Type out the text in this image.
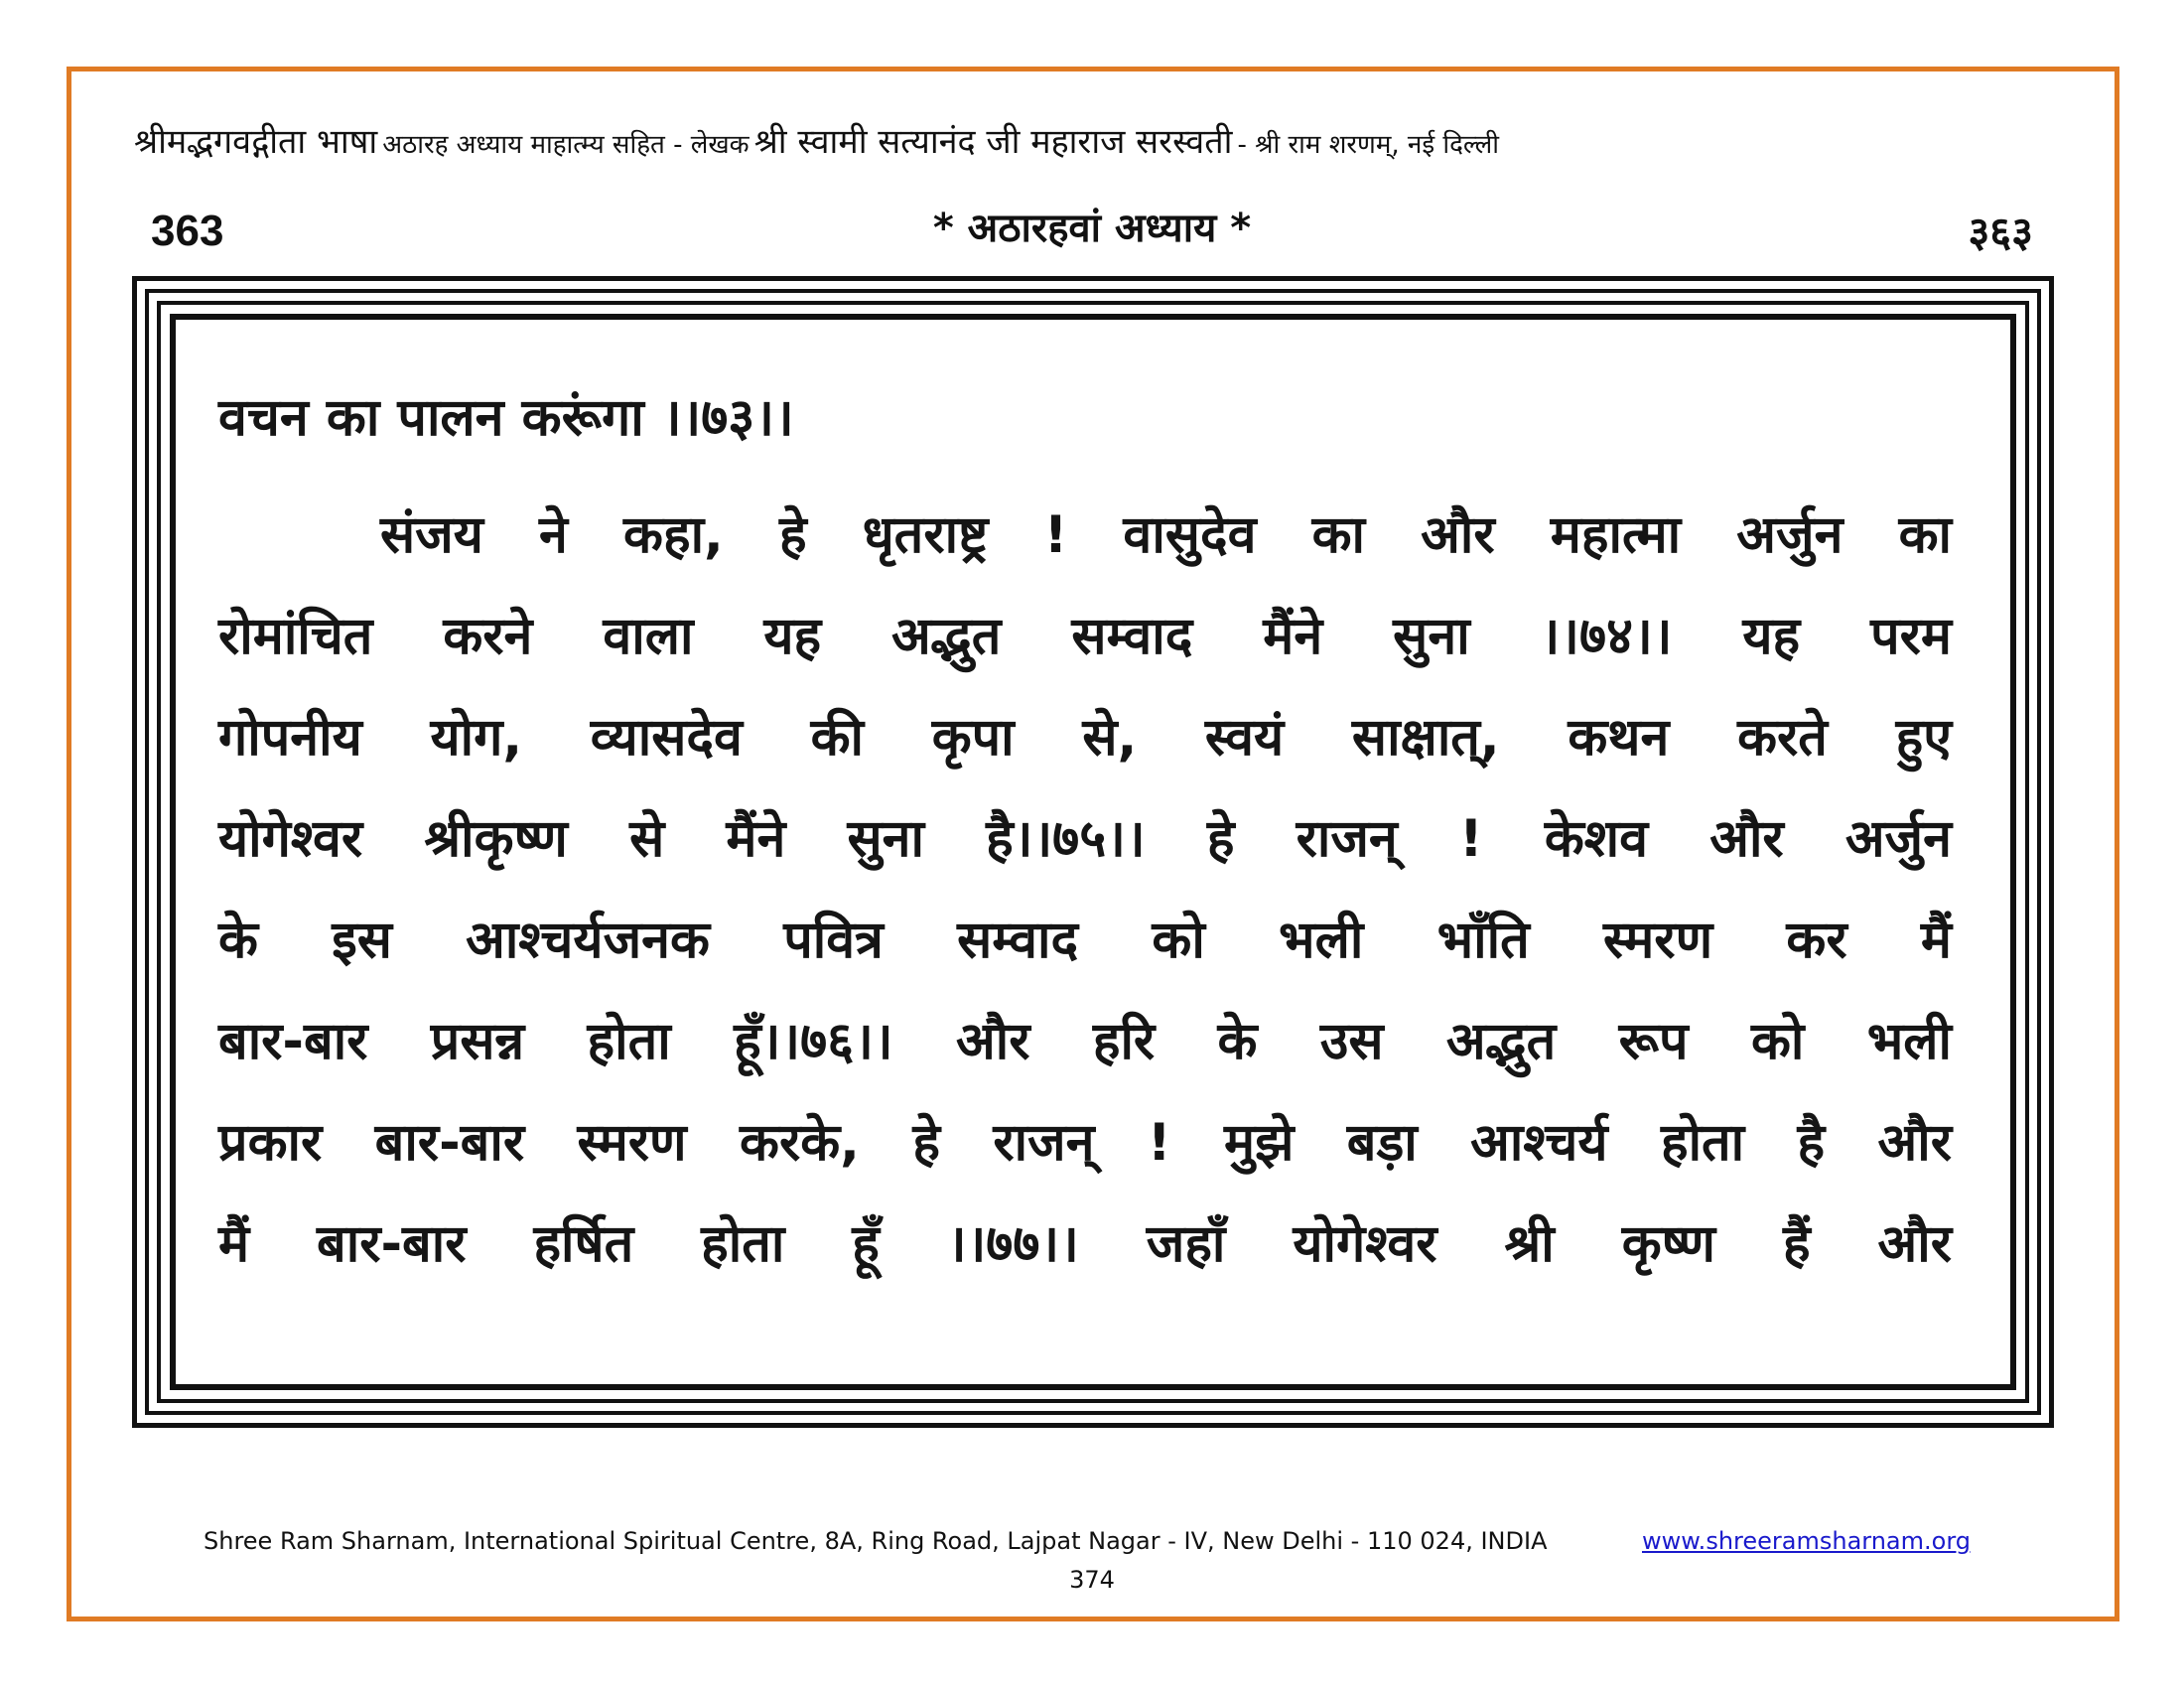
श्रीमद्भगवद्गीता भाषा अठारह अध्याय माहात्म्य सहित - लेखक श्री स्वामी सत्यानंद जी महाराज सरस्वती - श्री राम शरणम्, नई दिल्ली
363	* अठारहवां अध्याय *	३६३
वचन का पालन करूंगा ।।७३।।
संजय ने कहा, हे धृतराष्ट्र ! वासुदेव का और महात्मा अर्जुन का
रोमांचित करने वाला यह अद्भुत सम्वाद मैंने सुना ।।७४।। यह परम
गोपनीय योग, व्यासदेव की कृपा से, स्वयं साक्षात्, कथन करते हुए
योगेश्वर श्रीकृष्ण से मैंने सुना है।।७५।। हे राजन् ! केशव और अर्जुन
के इस आश्चर्यजनक पवित्र सम्वाद को भली भाँति स्मरण कर मैं
बार-बार प्रसन्न होता हूँ।।७६।। और हरि के उस अद्भुत रूप को भली
प्रकार बार-बार स्मरण करके, हे राजन् ! मुझे बड़ा आश्चर्य होता है और
मैं बार-बार हर्षित होता हूँ ।।७७।। जहाँ योगेश्वर श्री कृष्ण हैं और
Shree Ram Sharnam, International Spiritual Centre, 8A, Ring Road, Lajpat Nagar - IV, New Delhi - 110 024, INDIA	www.shreeramsharnam.org
374
